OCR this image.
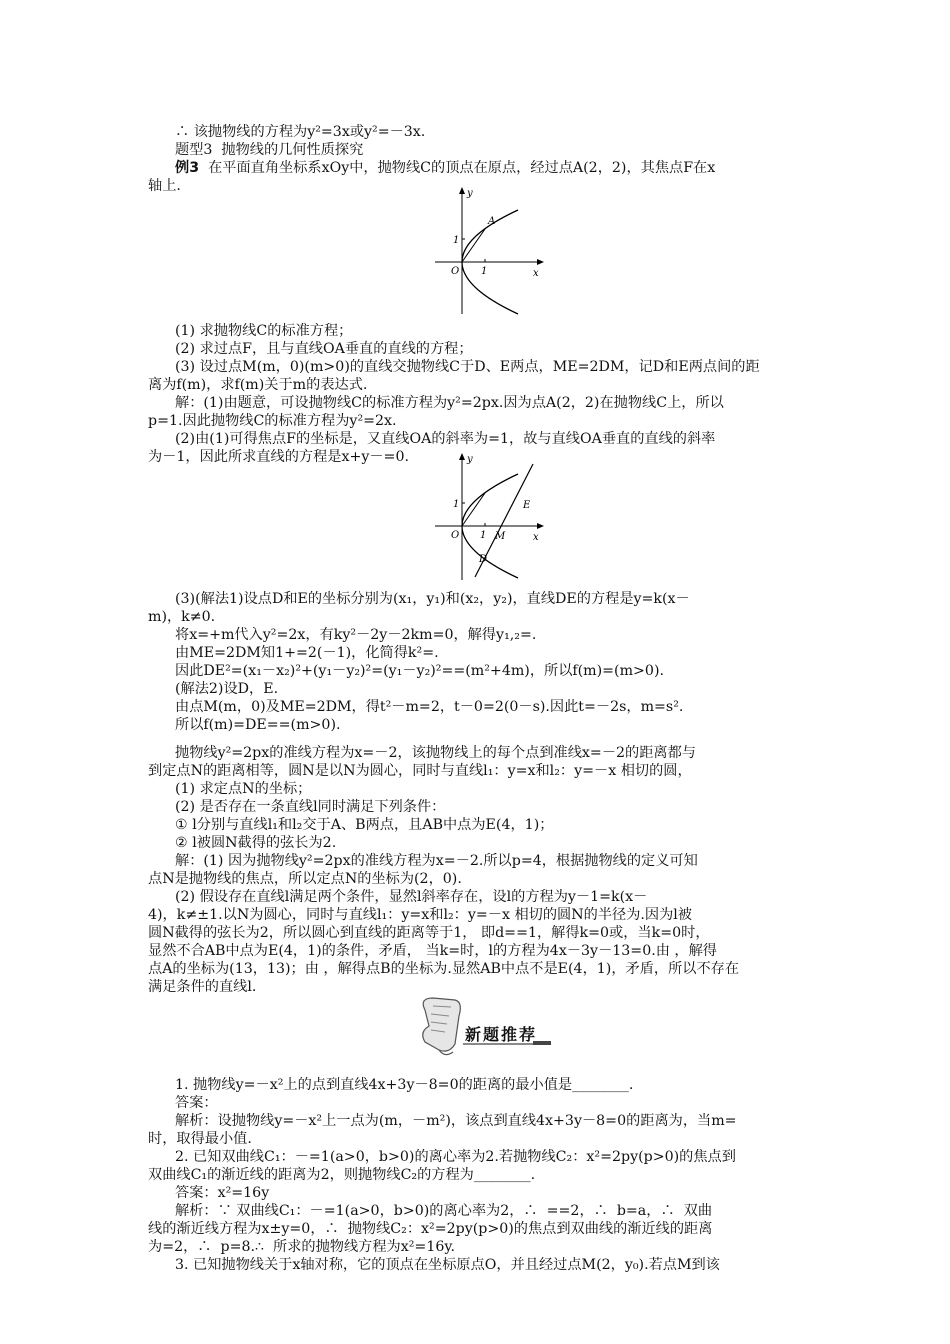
∴ 该抛物线的方程为y²=3x或y²=－3x.
题型3  抛物线的几何性质探究
例3  在平面直角坐标系xOy中，抛物线C的顶点在原点，经过点A(2，2)，其焦点F在x
轴上.
(1) 求抛物线C的标准方程；
(2) 求过点F，且与直线OA垂直的直线的方程；
(3) 设过点M(m，0)(m>0)的直线交抛物线C于D、E两点，ME=2DM，记D和E两点间的距
离为f(m)，求f(m)关于m的表达式.
解：(1)由题意，可设抛物线C的标准方程为y²=2px.因为点A(2，2)在抛物线C上，所以
p=1.因此抛物线C的标准方程为y²=2x.
(2)由(1)可得焦点F的坐标是，又直线OA的斜率为=1，故与直线OA垂直的直线的斜率
为－1，因此所求直线的方程是x+y－=0.
(3)(解法1)设点D和E的坐标分别为(x₁，y₁)和(x₂，y₂)，直线DE的方程是y=k(x－
m)，k≠0.
将x=+m代入y²=2x，有ky²－2y－2km=0，解得y₁,₂=.
由ME=2DM知1+=2(－1)，化简得k²=.
因此DE²=(x₁－x₂)²+(y₁－y₂)²=(y₁－y₂)²==(m²+4m)，所以f(m)=(m>0).
(解法2)设D，E.
由点M(m，0)及ME=2DM，得t²－m=2，t－0=2(0－s).因此t=－2s，m=s².
所以f(m)=DE==(m>0).
抛物线y²=2px的准线方程为x=－2，该抛物线上的每个点到准线x=－2的距离都与
到定点N的距离相等，圆N是以N为圆心，同时与直线l₁：y=x和l₂：y=－x 相切的圆，
(1) 求定点N的坐标；
(2) 是否存在一条直线l同时满足下列条件：
① l分别与直线l₁和l₂交于A、B两点，且AB中点为E(4，1)；
② l被圆N截得的弦长为2.
解：(1) 因为抛物线y²=2px的准线方程为x=－2.所以p=4，根据抛物线的定义可知
点N是抛物线的焦点，所以定点N的坐标为(2，0).
(2) 假设存在直线l满足两个条件，显然l斜率存在，设l的方程为y－1=k(x－
4)，k≠±1.以N为圆心，同时与直线l₁：y=x和l₂：y=－x 相切的圆N的半径为.因为l被
圆N截得的弦长为2，所以圆心到直线的距离等于1， 即d==1，解得k=0或，当k=0时，
显然不合AB中点为E(4，1)的条件，矛盾， 当k=时，l的方程为4x－3y－13=0.由 ，解得
点A的坐标为(13，13)；由 ，解得点B的坐标为.显然AB中点不是E(4，1)，矛盾，所以不存在
满足条件的直线l.
1. 抛物线y=－x²上的点到直线4x+3y－8=0的距离的最小值是________.
答案：
解析：设抛物线y=－x²上一点为(m，－m²)，该点到直线4x+3y－8=0的距离为，当m=
时，取得最小值.
2. 已知双曲线C₁：－=1(a>0，b>0)的离心率为2.若抛物线C₂：x²=2py(p>0)的焦点到
双曲线C₁的渐近线的距离为2，则抛物线C₂的方程为________.
答案：x²=16y
解析：∵ 双曲线C₁：－=1(a>0，b>0)的离心率为2，∴  ==2，∴  b=a，∴  双曲
线的渐近线方程为x±y=0，∴  抛物线C₂：x²=2py(p>0)的焦点到双曲线的渐近线的距离
为=2，∴  p=8.∴  所求的抛物线方程为x²=16y.
3. 已知抛物线关于x轴对称，它的顶点在坐标原点O，并且经过点M(2，y₀).若点M到该
y
x
O 1
1
A
y
x
O 1
1	E
M
D
新题推荐
